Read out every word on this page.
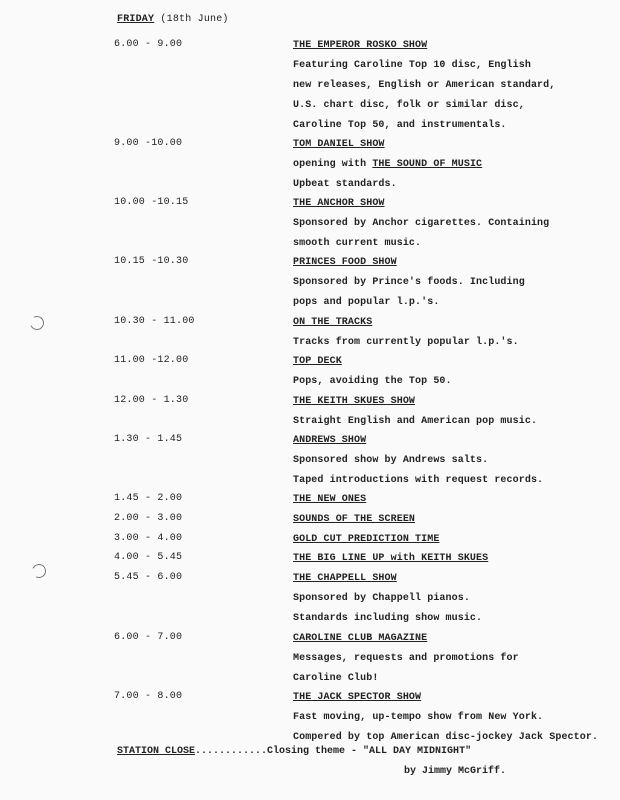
FRIDAY (18th June)
6.00 - 9.00	THE EMPEROR ROSKO SHOW
Featuring Caroline Top 10 disc, English
new releases, English or American standard,
U.S. chart disc, folk or similar disc,
Caroline Top 50, and instrumentals.
9.00 -10.00	TOM DANIEL SHOW
opening with THE SOUND OF MUSIC
Upbeat standards.
10.00 -10.15	THE ANCHOR SHOW
Sponsored by Anchor cigarettes. Containing
smooth current music.
10.15 -10.30	PRINCES FOOD SHOW
Sponsored by Prince's foods. Including
pops and popular l.p.'s.
10.30 - 11.00	ON THE TRACKS
Tracks from currently popular l.p.'s.
11.00 -12.00	TOP DECK
Pops, avoiding the Top 50.
12.00 - 1.30	THE KEITH SKUES SHOW
Straight English and American pop music.
1.30 - 1.45	ANDREWS SHOW
Sponsored show by Andrews salts.
Taped introductions with request records.
1.45 - 2.00	THE NEW ONES
2.00 - 3.00	SOUNDS OF THE SCREEN
3.00 - 4.00	GOLD CUT PREDICTION TIME
4.00 - 5.45	THE BIG LINE UP with KEITH SKUES
5.45 - 6.00	THE CHAPPELL SHOW
Sponsored by Chappell pianos.
Standards including show music.
6.00 - 7.00	CAROLINE CLUB MAGAZINE
Messages, requests and promotions for
Caroline Club!
7.00 - 8.00	THE JACK SPECTOR SHOW
Fast moving, up-tempo show from New York.
Compered by top American disc-jockey Jack Spector.
STATION CLOSE............Closing theme - "ALL DAY MIDNIGHT"
by Jimmy McGriff.
